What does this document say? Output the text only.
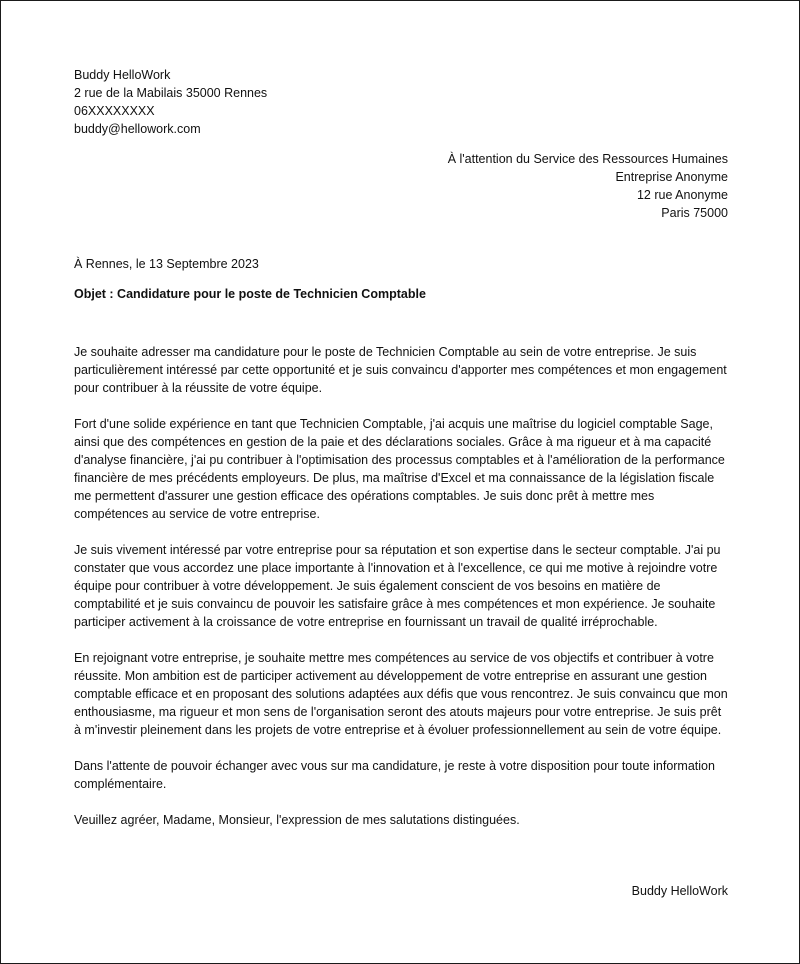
Buddy HelloWork
2 rue de la Mabilais 35000 Rennes
06XXXXXXXX
buddy@hellowork.com
À l'attention du Service des Ressources Humaines
Entreprise Anonyme
12 rue Anonyme
Paris 75000
À Rennes, le 13 Septembre 2023
Objet : Candidature pour le poste de Technicien Comptable

Je souhaite adresser ma candidature pour le poste de Technicien Comptable au sein de votre entreprise. Je suis particulièrement intéressé par cette opportunité et je suis convaincu d'apporter mes compétences et mon engagement pour contribuer à la réussite de votre équipe.

Fort d'une solide expérience en tant que Technicien Comptable, j'ai acquis une maîtrise du logiciel comptable Sage, ainsi que des compétences en gestion de la paie et des déclarations sociales. Grâce à ma rigueur et à ma capacité d'analyse financière, j'ai pu contribuer à l'optimisation des processus comptables et à l'amélioration de la performance financière de mes précédents employeurs. De plus, ma maîtrise d'Excel et ma connaissance de la législation fiscale me permettent d'assurer une gestion efficace des opérations comptables. Je suis donc prêt à mettre mes compétences au service de votre entreprise.

Je suis vivement intéressé par votre entreprise pour sa réputation et son expertise dans le secteur comptable. J'ai pu constater que vous accordez une place importante à l'innovation et à l'excellence, ce qui me motive à rejoindre votre équipe pour contribuer à votre développement. Je suis également conscient de vos besoins en matière de comptabilité et je suis convaincu de pouvoir les satisfaire grâce à mes compétences et mon expérience. Je souhaite participer activement à la croissance de votre entreprise en fournissant un travail de qualité irréprochable.

En rejoignant votre entreprise, je souhaite mettre mes compétences au service de vos objectifs et contribuer à votre réussite. Mon ambition est de participer activement au développement de votre entreprise en assurant une gestion comptable efficace et en proposant des solutions adaptées aux défis que vous rencontrez. Je suis convaincu que mon enthousiasme, ma rigueur et mon sens de l'organisation seront des atouts majeurs pour votre entreprise. Je suis prêt à m'investir pleinement dans les projets de votre entreprise et à évoluer professionnellement au sein de votre équipe.

Dans l'attente de pouvoir échanger avec vous sur ma candidature, je reste à votre disposition pour toute information complémentaire.

Veuillez agréer, Madame, Monsieur, l'expression de mes salutations distinguées.

Buddy HelloWork
